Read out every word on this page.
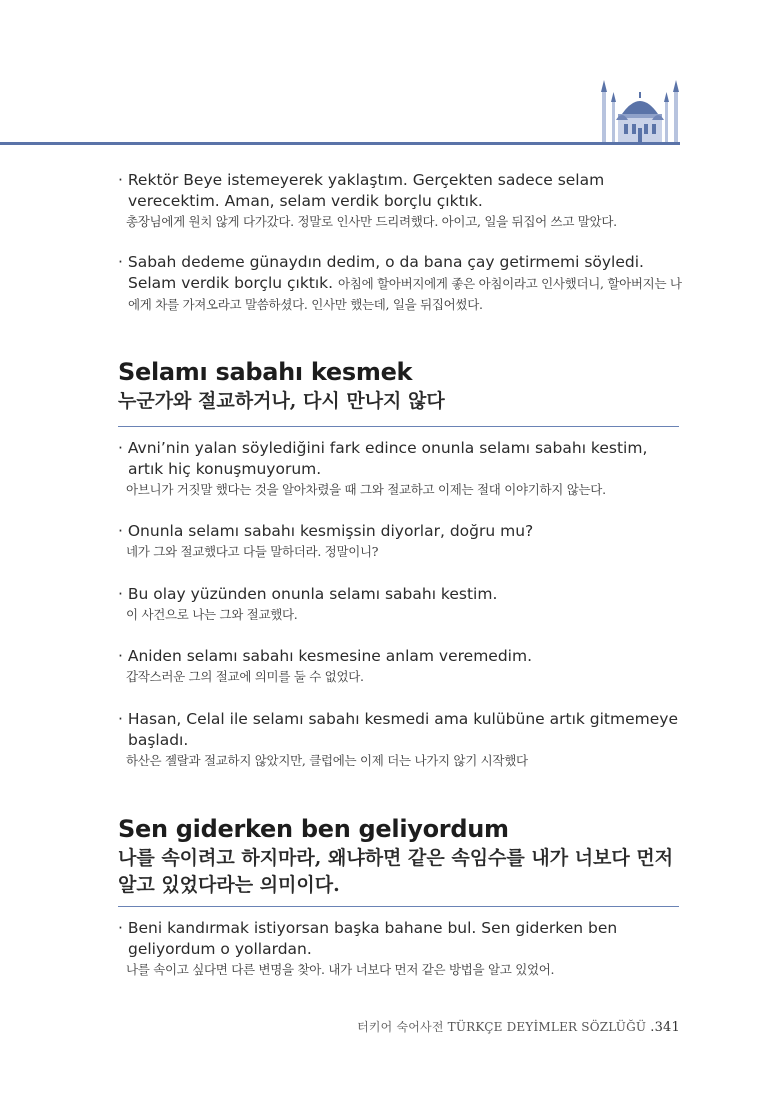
· Rektör Beye istemeyerek yaklaştım. Gerçekten sadece selam verecektim. Aman, selam verdik borçlu çıktık.
총장님에게 원치 않게 다가갔다. 정말로 인사만 드리려했다. 아이고, 일을 뒤집어 쓰고 말았다.
· Sabah dedeme günaydın dedim, o da bana çay getirmemi söyledi. Selam verdik borçlu çıktık. 아침에 할아버지에게 좋은 아침이라고 인사했더니, 할아버지는 나에게 차를 가져오라고 말씀하셨다. 인사만 했는데, 일을 뒤집어썼다.
Selamı sabahı kesmek
누군가와 절교하거나, 다시 만나지 않다
· Avni’nin yalan söylediğini fark edince onunla selamı sabahı kestim, artık hiç konuşmuyorum.
아브니가 거짓말 했다는 것을 알아차렸을 때 그와 절교하고 이제는 절대 이야기하지 않는다.
· Onunla selamı sabahı kesmişsin diyorlar, doğru mu?
네가 그와 절교했다고 다들 말하더라. 정말이니?
· Bu olay yüzünden onunla selamı sabahı kestim.
이 사건으로 나는 그와 절교했다.
· Aniden selamı sabahı kesmesine anlam veremedim.
갑작스러운 그의 절교에 의미를 둘 수 없었다.
· Hasan, Celal ile selamı sabahı kesmedi ama kulübüne artık gitmemeye başladı.
하산은 젤랄과 절교하지 않았지만, 클럽에는 이제 더는 나가지 않기 시작했다
Sen giderken ben geliyordum
나를 속이려고 하지마라, 왜냐하면 같은 속임수를 내가 너보다 먼저 알고 있었다라는 의미이다.
· Beni kandırmak istiyorsan başka bahane bul. Sen giderken ben geliyordum o yollardan.
나를 속이고 싶다면 다른 변명을 찾아. 내가 너보다 먼저 같은 방법을 알고 있었어.
터키어 숙어사전 TÜRKÇE DEYİMLER SÖZLÜĞÜ .341
